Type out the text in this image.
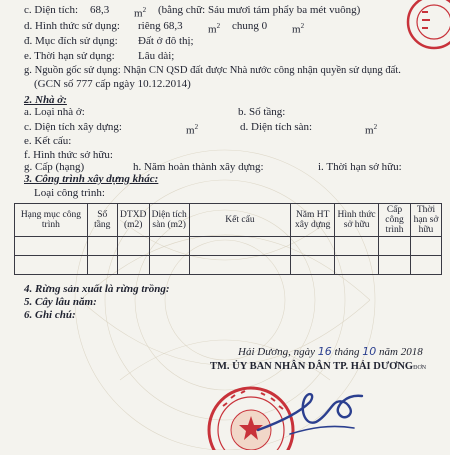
c. Diện tích: 68,3 $m^2$ (bằng chữ: Sáu mươi tám phẩy ba mét vuông)
d. Hình thức sử dụng: riêng 68,3 $m^2$ chung 0 $m^2$
đ. Mục đích sử dụng: Đất ở đô thị;
e. Thời hạn sử dụng: Lâu dài;
g. Nguồn gốc sử dụng: Nhận CN QSD đất được Nhà nước công nhận quyền sử dụng đất.
(GCN số 777 cấp ngày 10.12.2014)
2. Nhà ở:
a. Loại nhà ở:	b. Số tầng:
c. Diện tích xây dựng:	$m^2$	d. Diện tích sàn:	$m^2$
e. Kết cấu:
f. Hình thức sở hữu:
g. Cấp (hạng)	h. Năm hoàn thành xây dựng:	i. Thời hạn sở hữu:
3. Công trình xây dựng khác:
Loại công trình:
Hạng mục công trình	Số tầng	DTXD (m2)	Diện tích sàn (m2)	Kết cấu	Năm HT xây dựng	Hình thức sở hữu	Cấp công trình	Thời hạn sở hữu

4. Rừng sản xuất là rừng trồng:
5. Cây lâu năm:
6. Ghi chú:
Hải Dương, ngày 16 tháng 10 năm 2018
TM. ỦY BAN NHÂN DÂN TP. HẢI DƯƠNGĐƠN
